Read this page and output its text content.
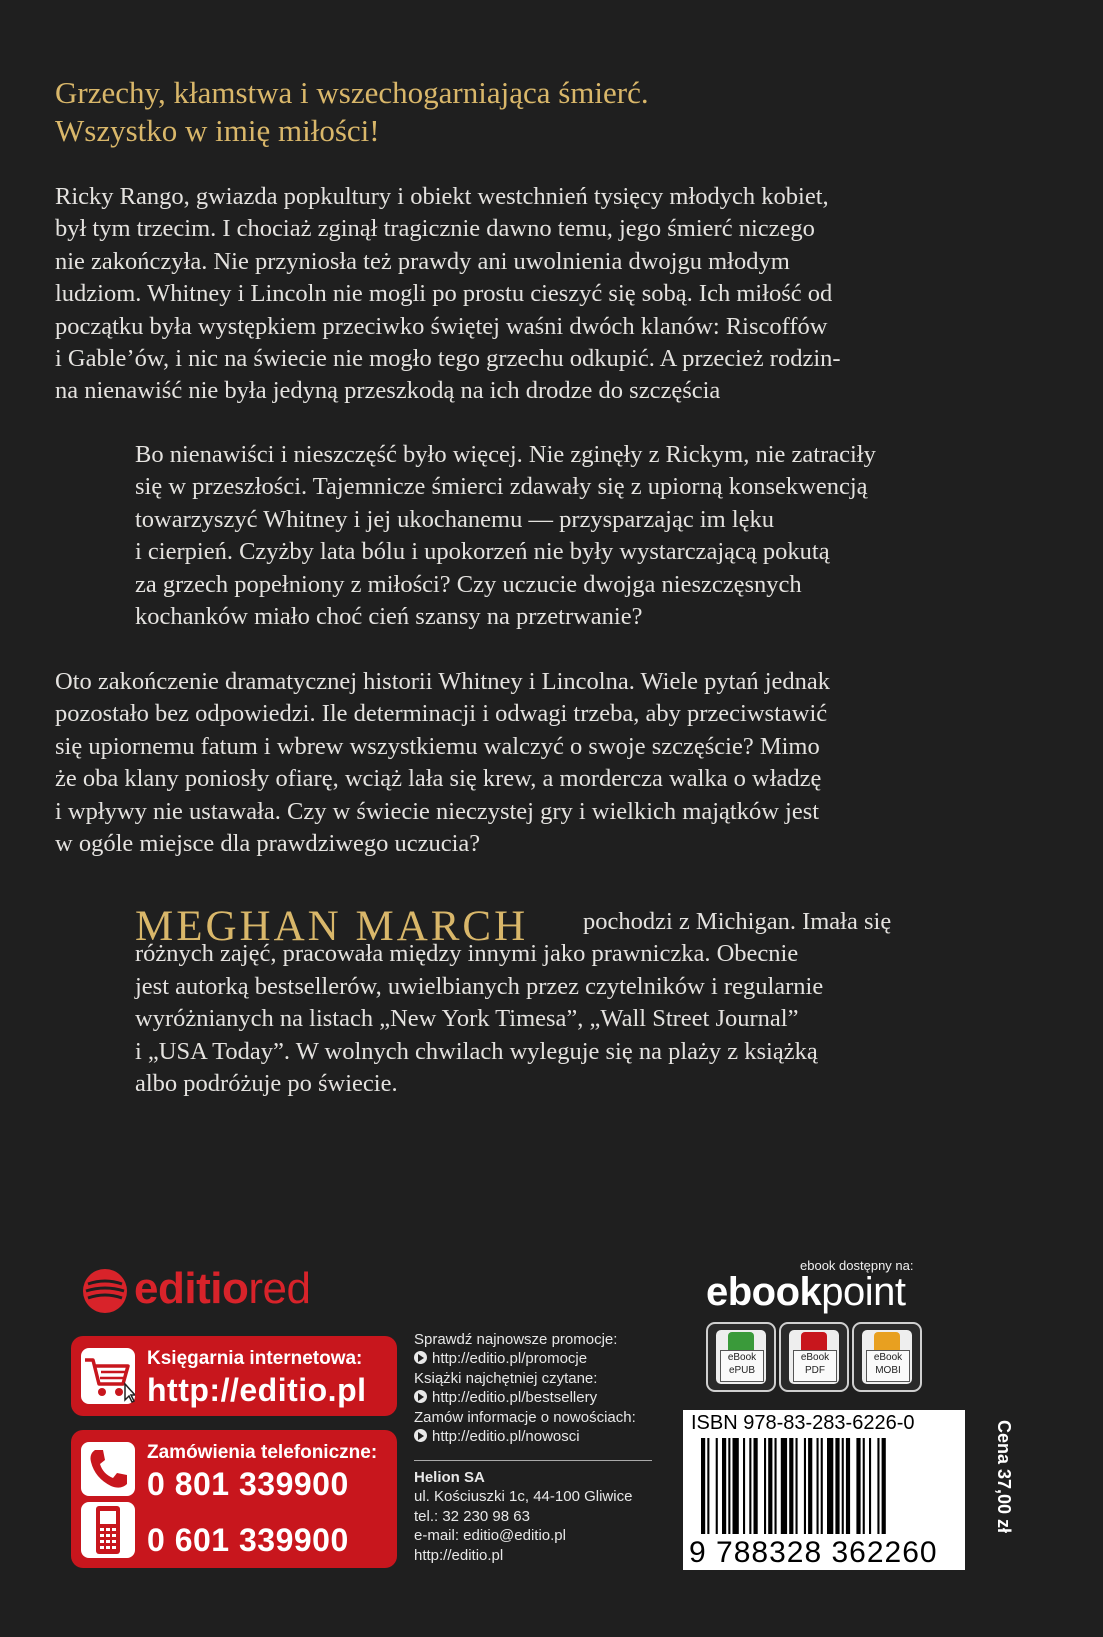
Grzechy, kłamstwa i wszechogarniająca śmierć.
Wszystko w imię miłości!
Ricky Rango, gwiazda popkultury i obiekt westchnień tysięcy młodych kobiet,
był tym trzecim. I chociaż zginął tragicznie dawno temu, jego śmierć niczego
nie zakończyła. Nie przyniosła też prawdy ani uwolnienia dwojgu młodym
ludziom. Whitney i Lincoln nie mogli po prostu cieszyć się sobą. Ich miłość od
początku była występkiem przeciwko świętej waśni dwóch klanów: Riscoffów
i Gable’ów, i nic na świecie nie mogło tego grzechu odkupić. A przecież rodzin-
na nienawiść nie była jedyną przeszkodą na ich drodze do szczęścia
Bo nienawiści i nieszczęść było więcej. Nie zginęły z Rickym, nie zatraciły
się w przeszłości. Tajemnicze śmierci zdawały się z upiorną konsekwencją
towarzyszyć Whitney i jej ukochanemu — przysparzając im lęku
i cierpień. Czyżby lata bólu i upokorzeń nie były wystarczającą pokutą
za grzech popełniony z miłości? Czy uczucie dwojga nieszczęsnych
kochanków miało choć cień szansy na przetrwanie?
Oto zakończenie dramatycznej historii Whitney i Lincolna. Wiele pytań jednak
pozostało bez odpowiedzi. Ile determinacji i odwagi trzeba, aby przeciwstawić
się upiornemu fatum i wbrew wszystkiemu walczyć o swoje szczęście? Mimo
że oba klany poniosły ofiarę, wciąż lała się krew, a mordercza walka o władzę
i wpływy nie ustawała. Czy w świecie nieczystej gry i wielkich majątków jest
w ogóle miejsce dla prawdziwego uczucia?
MEGHAN MARCH	pochodzi z Michigan. Imała się
różnych zajęć, pracowała między innymi jako prawniczka. Obecnie
jest autorką bestsellerów, uwielbianych przez czytelników i regularnie
wyróżnianych na listach „New York Timesa”, „Wall Street Journal”
i „USA Today”. W wolnych chwilach wyleguje się na plaży z książką
albo podróżuje po świecie.
editiored
Księgarnia internetowa:
http://editio.pl
Zamówienia telefoniczne:
0 801 339900
0 601 339900
Sprawdź najnowsze promocje:
http://editio.pl/promocje
Książki najchętniej czytane:
http://editio.pl/bestsellery
Zamów informacje o nowościach:
http://editio.pl/nowosci
Helion SA
ul. Kościuszki 1c, 44-100 Gliwice
tel.: 32 230 98 63
e-mail: editio@editio.pl
http://editio.pl
ebook dostępny na:
ebookpoint
eBook
ePUB
eBook
PDF
eBook
MOBI
ISBN 978-83-283-6226-0
9 788328 362260
Cena 37,00 zł
